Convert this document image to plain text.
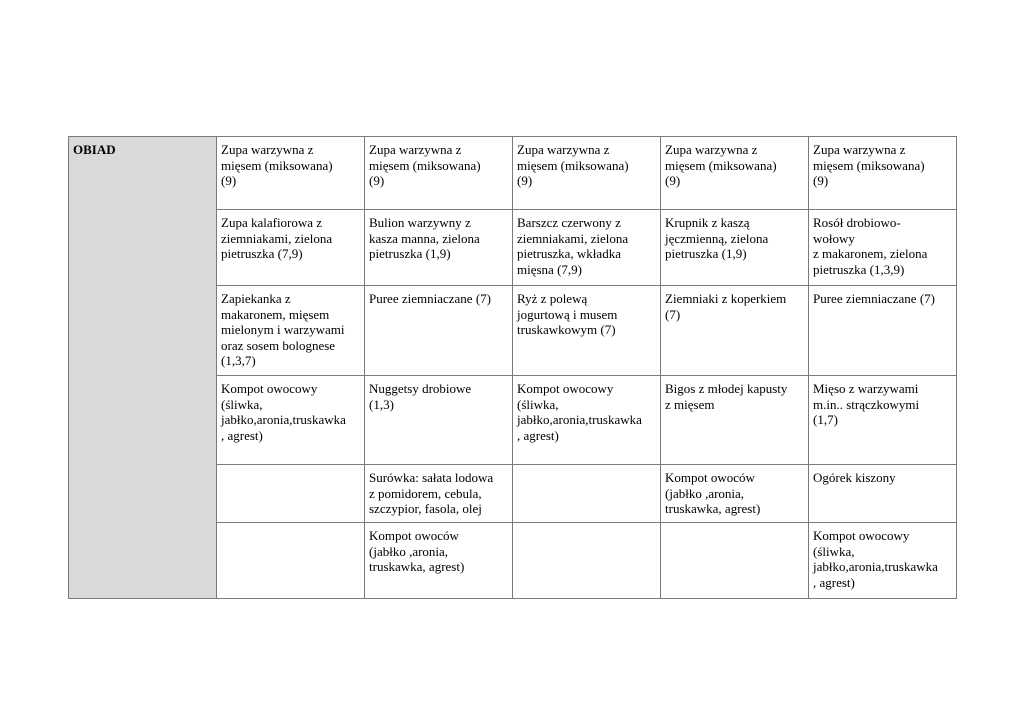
OBIAD	Zupa warzywna z
mięsem (miksowana)
(9)	Zupa warzywna z
mięsem (miksowana)
(9)	Zupa warzywna z
mięsem (miksowana)
(9)	Zupa warzywna z
mięsem (miksowana)
(9)	Zupa warzywna z
mięsem (miksowana)
(9)
	Zupa kalafiorowa z
ziemniakami, zielona
pietruszka (7,9)	Bulion warzywny z
kasza manna, zielona
pietruszka (1,9)	Barszcz czerwony z
ziemniakami, zielona
pietruszka, wkładka
mięsna (7,9)	Krupnik z kaszą
jęczmienną, zielona
pietruszka (1,9)	Rosół drobiowo-
wołowy
z makaronem, zielona
pietruszka (1,3,9)
	Zapiekanka z
makaronem, mięsem
mielonym i warzywami
oraz sosem bolognese
(1,3,7)	Puree ziemniaczane (7)	Ryż z polewą
jogurtową i musem
truskawkowym (7)	Ziemniaki z koperkiem
(7)	Puree ziemniaczane (7)
	Kompot owocowy
(śliwka,
jabłko,aronia,truskawka
, agrest)	Nuggetsy drobiowe
(1,3)	Kompot owocowy
(śliwka,
jabłko,aronia,truskawka
, agrest)	Bigos z młodej kapusty
z mięsem	Mięso z warzywami
m.in.. strączkowymi
(1,7)
		Surówka: sałata lodowa
z pomidorem, cebula,
szczypior, fasola, olej		Kompot owoców
(jabłko ,aronia,
truskawka, agrest)	Ogórek kiszony
		Kompot owoców
(jabłko ,aronia,
truskawka, agrest)			Kompot owocowy
(śliwka,
jabłko,aronia,truskawka
, agrest)
